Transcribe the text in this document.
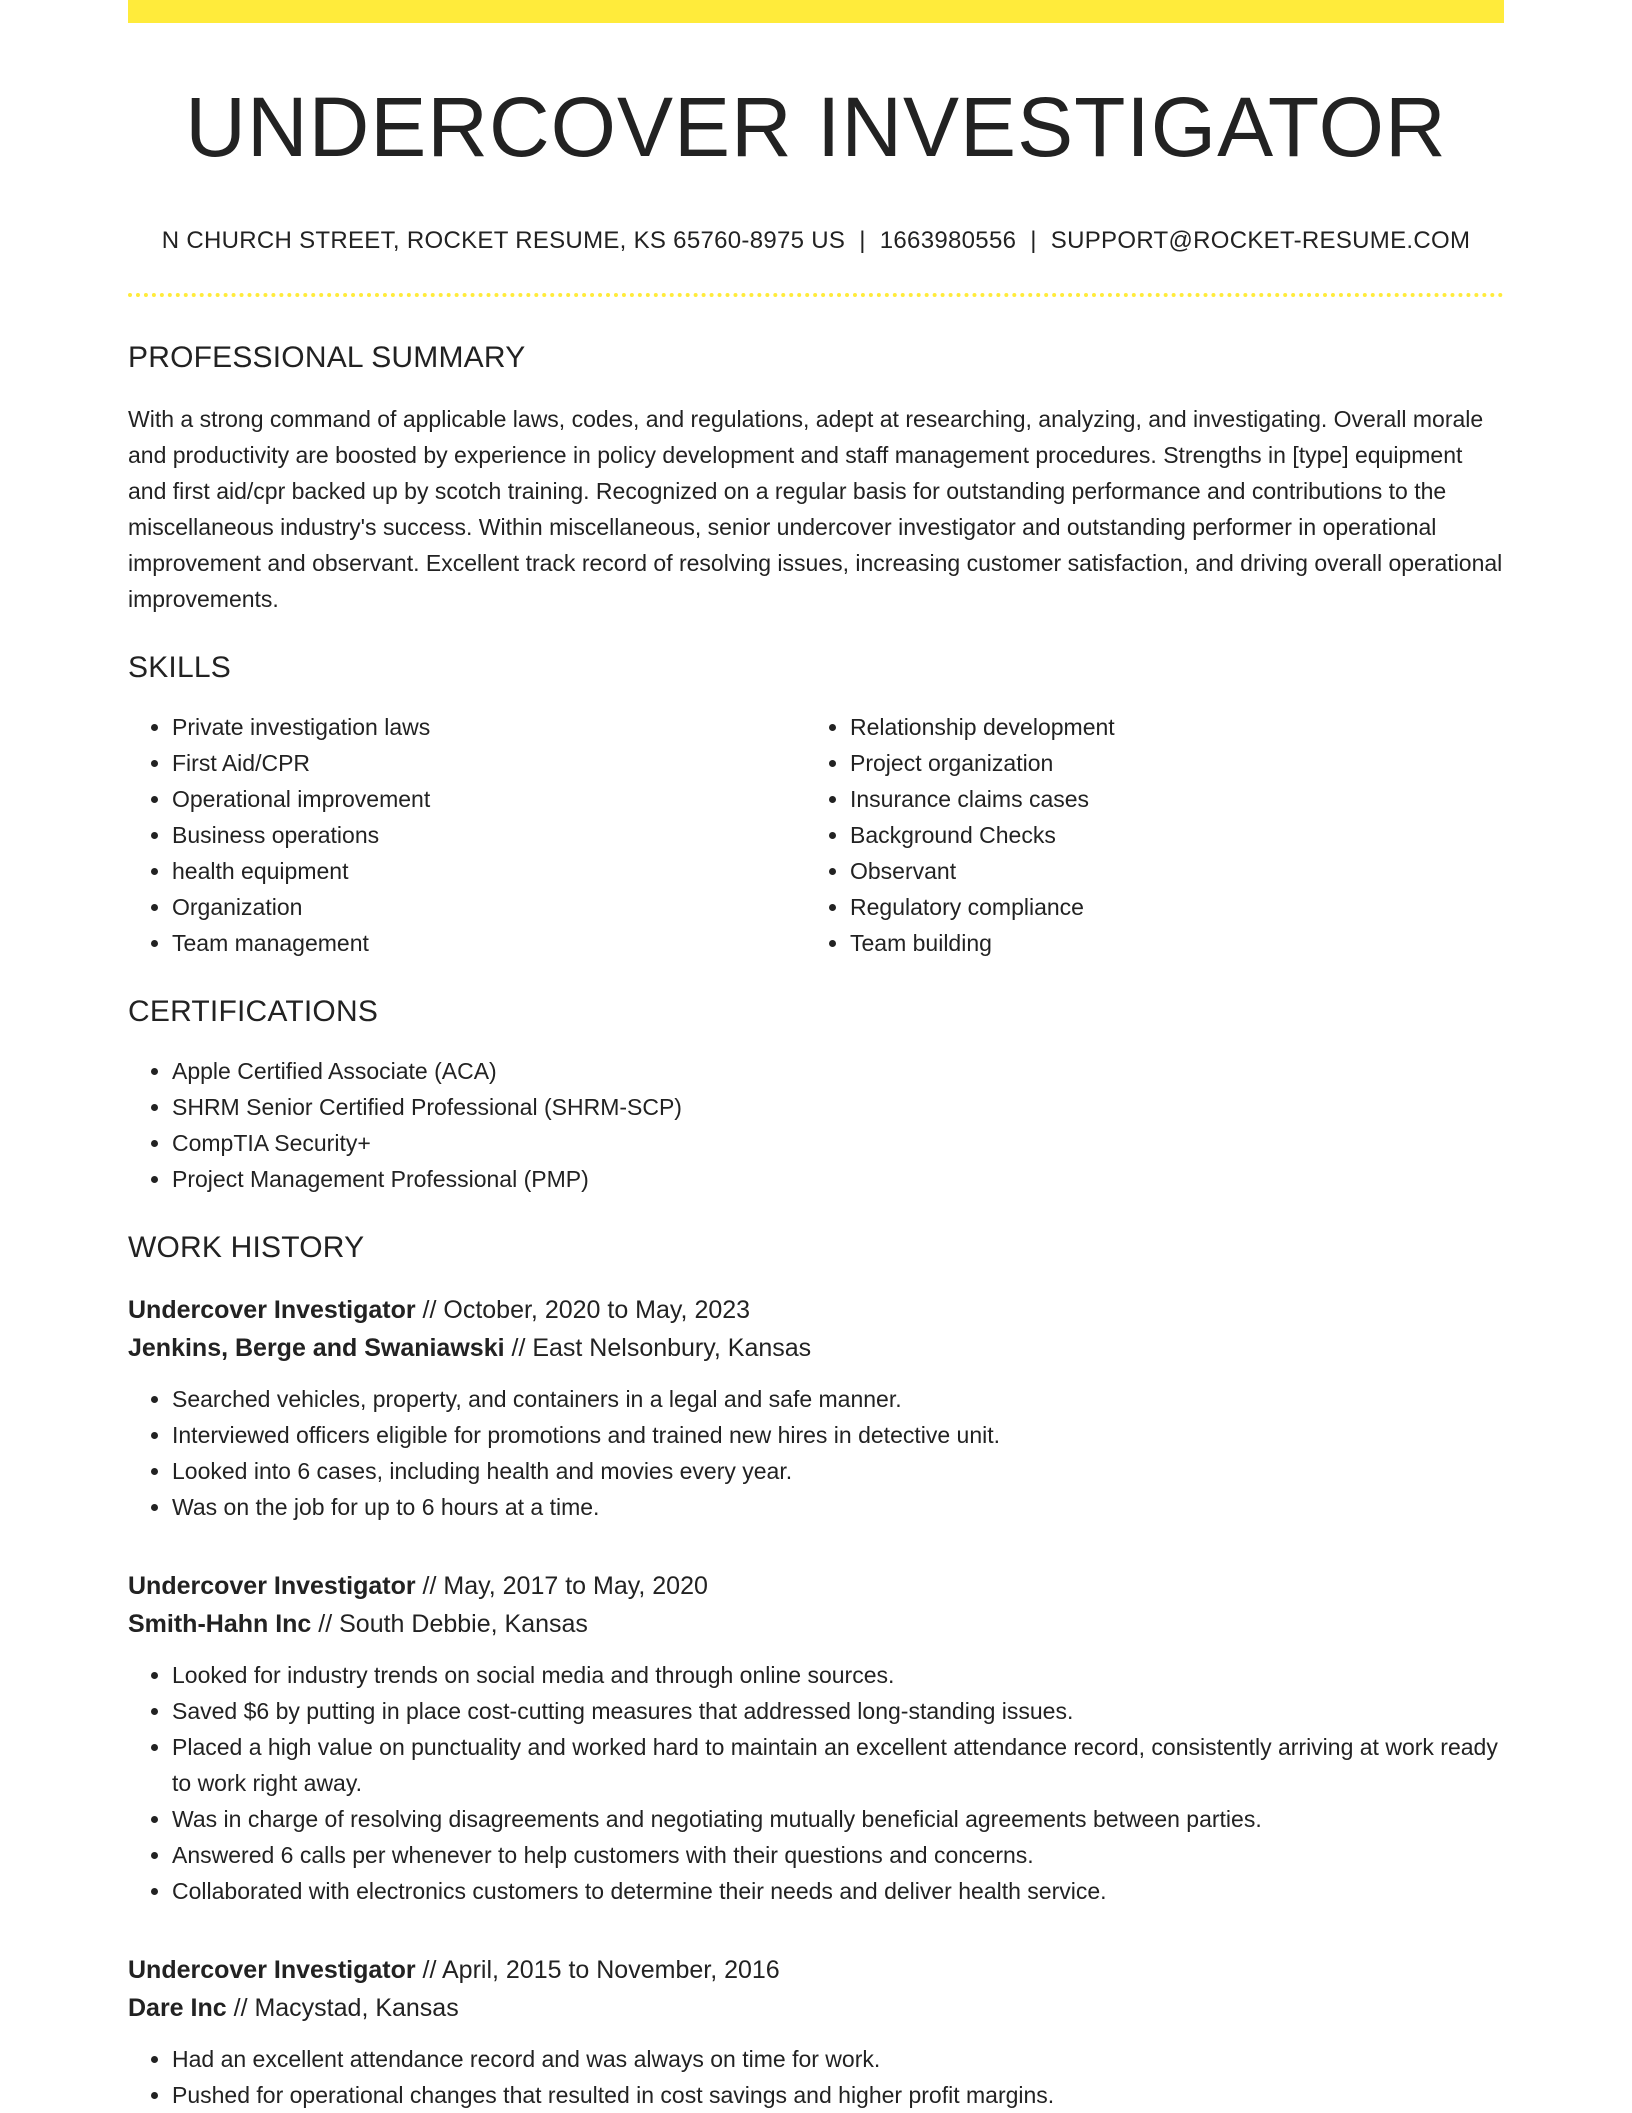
UNDERCOVER INVESTIGATOR
N CHURCH STREET, ROCKET RESUME, KS 65760-8975 US | 1663980556 | SUPPORT@ROCKET-RESUME.COM
PROFESSIONAL SUMMARY
With a strong command of applicable laws, codes, and regulations, adept at researching, analyzing, and investigating. Overall morale and productivity are boosted by experience in policy development and staff management procedures. Strengths in [type] equipment and first aid/cpr backed up by scotch training. Recognized on a regular basis for outstanding performance and contributions to the miscellaneous industry's success. Within miscellaneous, senior undercover investigator and outstanding performer in operational improvement and observant. Excellent track record of resolving issues, increasing customer satisfaction, and driving overall operational improvements.
SKILLS
• Private investigation laws
• First Aid/CPR
• Operational improvement
• Business operations
• health equipment
• Organization
• Team management
• Relationship development
• Project organization
• Insurance claims cases
• Background Checks
• Observant
• Regulatory compliance
• Team building
CERTIFICATIONS
• Apple Certified Associate (ACA)
• SHRM Senior Certified Professional (SHRM-SCP)
• CompTIA Security+
• Project Management Professional (PMP)
WORK HISTORY
Undercover Investigator // October, 2020 to May, 2023
Jenkins, Berge and Swaniawski // East Nelsonbury, Kansas
• Searched vehicles, property, and containers in a legal and safe manner.
• Interviewed officers eligible for promotions and trained new hires in detective unit.
• Looked into 6 cases, including health and movies every year.
• Was on the job for up to 6 hours at a time.
Undercover Investigator // May, 2017 to May, 2020
Smith-Hahn Inc // South Debbie, Kansas
• Looked for industry trends on social media and through online sources.
• Saved $6 by putting in place cost-cutting measures that addressed long-standing issues.
• Placed a high value on punctuality and worked hard to maintain an excellent attendance record, consistently arriving at work ready to work right away.
• Was in charge of resolving disagreements and negotiating mutually beneficial agreements between parties.
• Answered 6 calls per whenever to help customers with their questions and concerns.
• Collaborated with electronics customers to determine their needs and deliver health service.
Undercover Investigator // April, 2015 to November, 2016
Dare Inc // Macystad, Kansas
• Had an excellent attendance record and was always on time for work.
• Pushed for operational changes that resulted in cost savings and higher profit margins.
